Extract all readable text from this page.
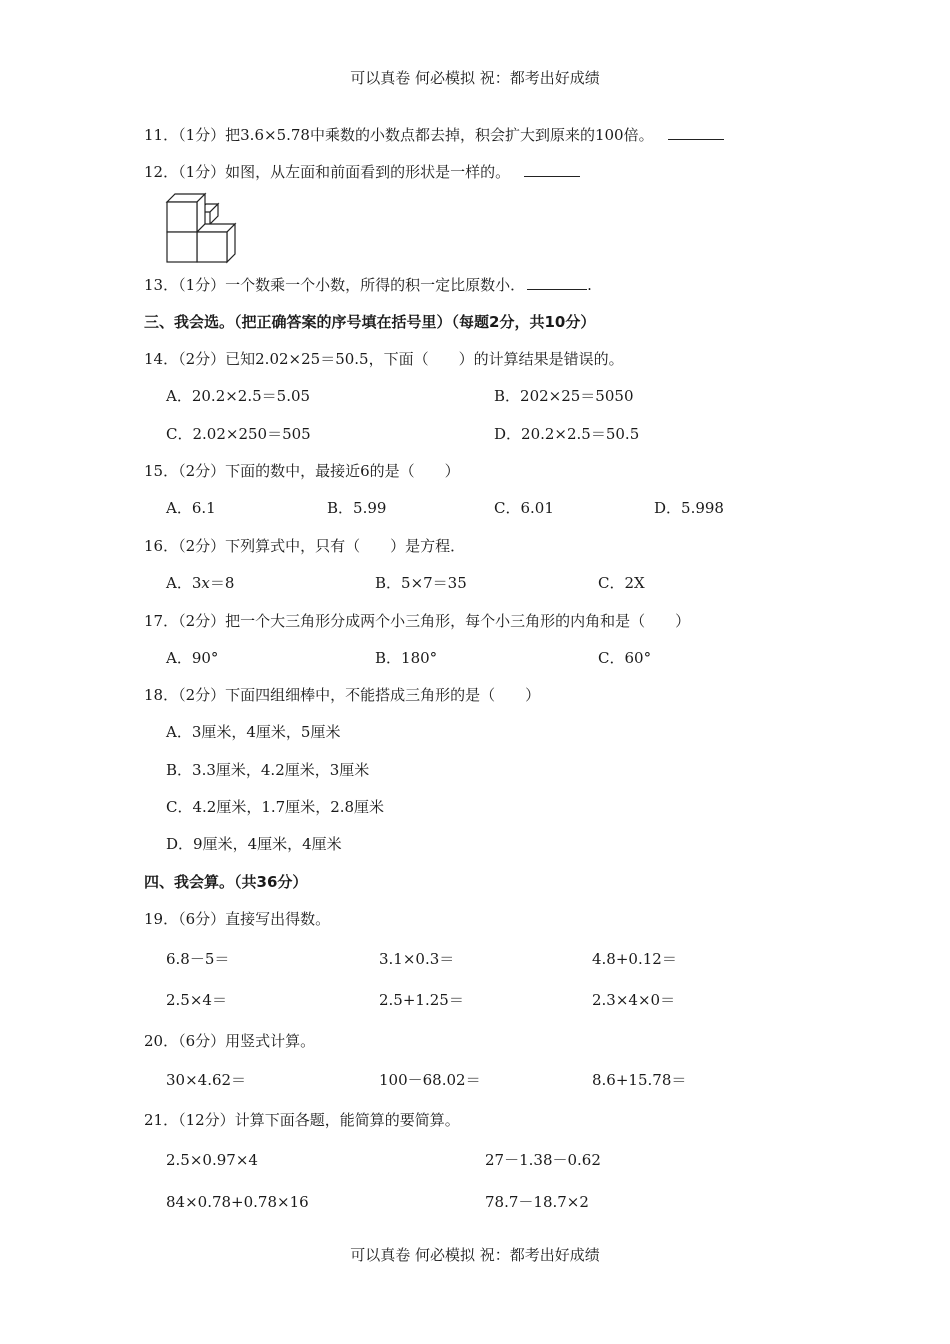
可以真卷 何必模拟 祝：都考出好成绩
11．（1分）把3.6×5.78中乘数的小数点都去掉，积会扩大到原来的100倍。
12．（1分）如图，从左面和前面看到的形状是一样的。
13．（1分）一个数乘一个小数，所得的积一定比原数小．	.
三、我会选。（把正确答案的序号填在括号里）（每题2分，共10分）
14．（2分）已知2.02×25＝50.5，下面（　　）的计算结果是错误的。
A．20.2×2.5＝5.05	B．202×25＝5050
C．2.02×250＝505	D．20.2×2.5＝50.5
15．（2分）下面的数中，最接近6的是（　　）
A．6.1	B．5.99	C．6.01	D．5.998
16．（2分）下列算式中，只有（　　）是方程．
A．3x＝8	B．5×7＝35	C．2X
17．（2分）把一个大三角形分成两个小三角形，每个小三角形的内角和是（　　）
A．90°	B．180°	C．60°
18．（2分）下面四组细棒中，不能搭成三角形的是（　　）
A．3厘米，4厘米，5厘米
B．3.3厘米，4.2厘米，3厘米
C．4.2厘米，1.7厘米，2.8厘米
D．9厘米，4厘米，4厘米
四、我会算。（共36分）
19．（6分）直接写出得数。
6.8－5＝	3.1×0.3＝	4.8+0.12＝
2.5×4＝	2.5+1.25＝	2.3×4×0＝
20．（6分）用竖式计算。
30×4.62＝	100－68.02＝	8.6+15.78＝
21．（12分）计算下面各题，能简算的要简算。
2.5×0.97×4	27－1.38－0.62
84×0.78+0.78×16	78.7－18.7×2
可以真卷 何必模拟 祝：都考出好成绩
